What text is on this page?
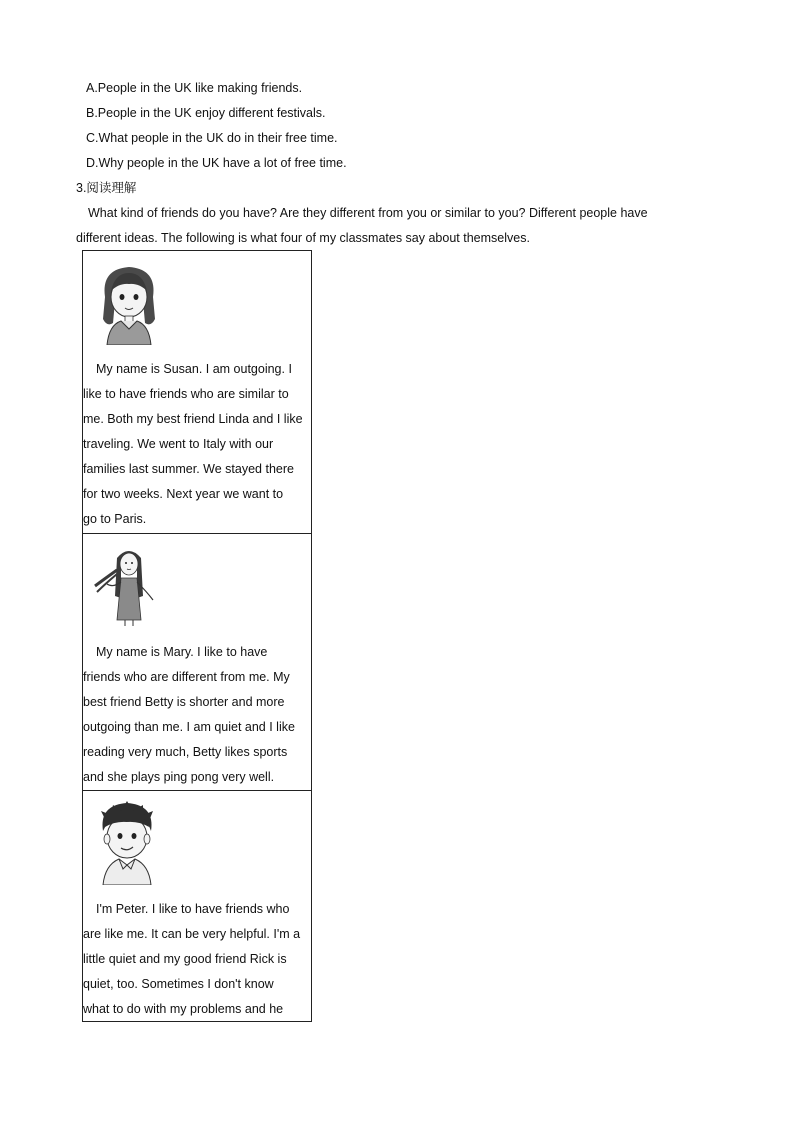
A.People in the UK like making friends.
B.People in the UK enjoy different festivals.
C.What people in the UK do in their free time.
D.Why people in the UK have a lot of free time.
3.阅读理解
What kind of friends do you have? Are they different from you or similar to you? Different people have
different ideas. The following is what four of my classmates say about themselves.
My name is Susan. I am outgoing. I
like to have friends who are similar to
me. Both my best friend Linda and I like
traveling. We went to Italy with our
families last summer. We stayed there
for two weeks. Next year we want to
go to Paris.
My name is Mary. I like to have
friends who are different from me. My
best friend Betty is shorter and more
outgoing than me. I am quiet and I like
reading very much, Betty likes sports
and she plays ping pong very well.
I'm Peter. I like to have friends who
are like me. It can be very helpful. I'm a
little quiet and my good friend Rick is
quiet, too. Sometimes I don't know
what to do with my problems and he
